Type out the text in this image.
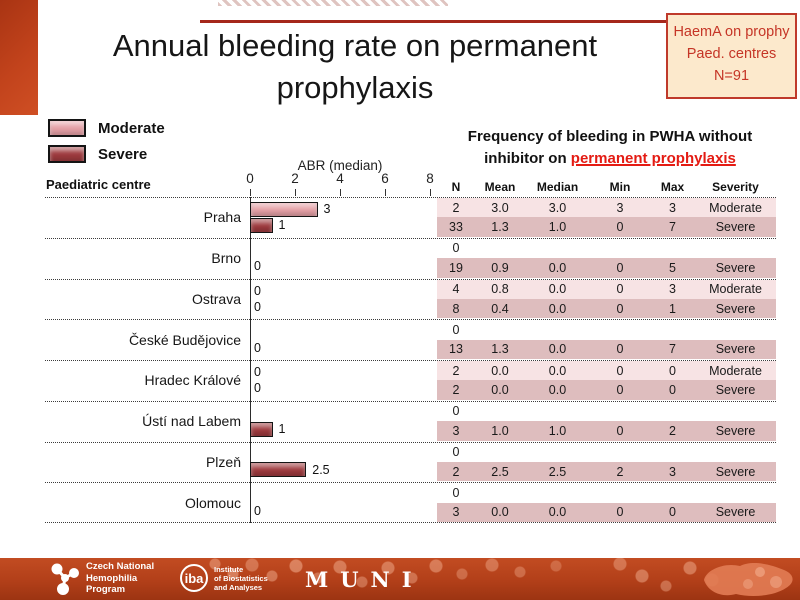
Annual bleeding rate on permanent
prophylaxis
HaemA on prophy
Paed. centres
N=91
Moderate
Severe
ABR (median)
0	2	4	6	8
Paediatric centre
Frequency of bleeding in PWHA without
inhibitor on permanent prophylaxis
N	Mean	Median	Min	Max	Severity
Praha
2	3.0	3.0	3	3	Moderate
3
33	1.3	1.0	0	7	Severe
1
Brno
0
19	0.9	0.0	0	5	Severe
0
Ostrava
4	0.8	0.0	0	3	Moderate
0
8	0.4	0.0	0	1	Severe
0
České Budějovice
0
13	1.3	0.0	0	7	Severe
0
Hradec Králové
2	0.0	0.0	0	0	Moderate
0
2	0.0	0.0	0	0	Severe
0
Ústí nad Labem
0
3	1.0	1.0	0	2	Severe
1
Plzeň
0
2	2.5	2.5	2	3	Severe
2.5
Olomouc
0
3	0.0	0.0	0	0	Severe
0
Czech National
Hemophilia
Program
iba
Institute
of Biostatistics
and Analyses MUNI
